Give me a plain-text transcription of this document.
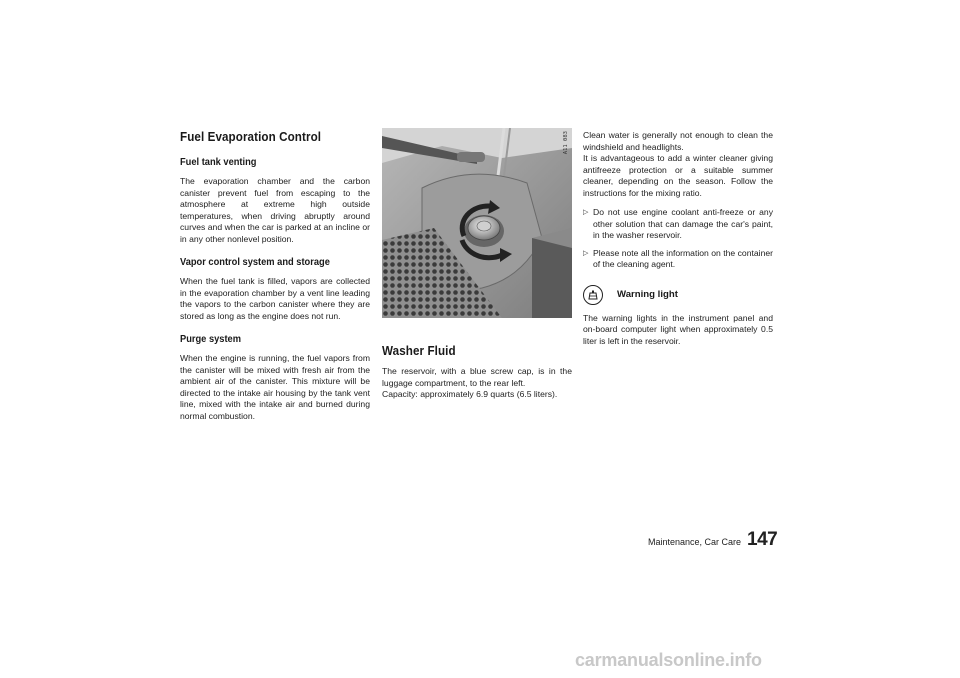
Fuel Evaporation Control
Fuel tank venting

The evaporation chamber and the carbon canister prevent fuel from escaping to the atmosphere at extreme high outside temperatures, when driving abruptly around curves and when the car is parked at an incline or in any other nonlevel position.

Vapor control system and storage

When the fuel tank is filled, vapors are collected in the evaporation chamber by a vent line leading the vapors to the carbon canister where they are stored as long as the engine does not run.

Purge system

When the engine is running, the fuel vapors from the canister will be mixed with fresh air from the ambient air of the canister. This mixture will be directed to the intake air housing by the tank vent line, mixed with the intake air and burned during normal combustion.

A11 083
Washer Fluid

The reservoir, with a blue screw cap, is in the luggage compartment, to the rear left.

Capacity: approximately 6.9 quarts (6.5 liters).

Clean water is generally not enough to clean the windshield and headlights.

It is advantageous to add a winter cleaner giving antifreeze protection or a suitable summer cleaner, depending on the season. Follow the instructions for the mixing ratio.

▷ Do not use engine coolant anti-freeze or any other solution that can damage the car's paint, in the washer reservoir.
▷ Please note all the information on the container of the cleaning agent.
Warning light

The warning lights in the instrument panel and on-board computer light when approximately 0.5 liter is left in the reservoir.

Maintenance, Car Care 147
carmanualsonline.info
